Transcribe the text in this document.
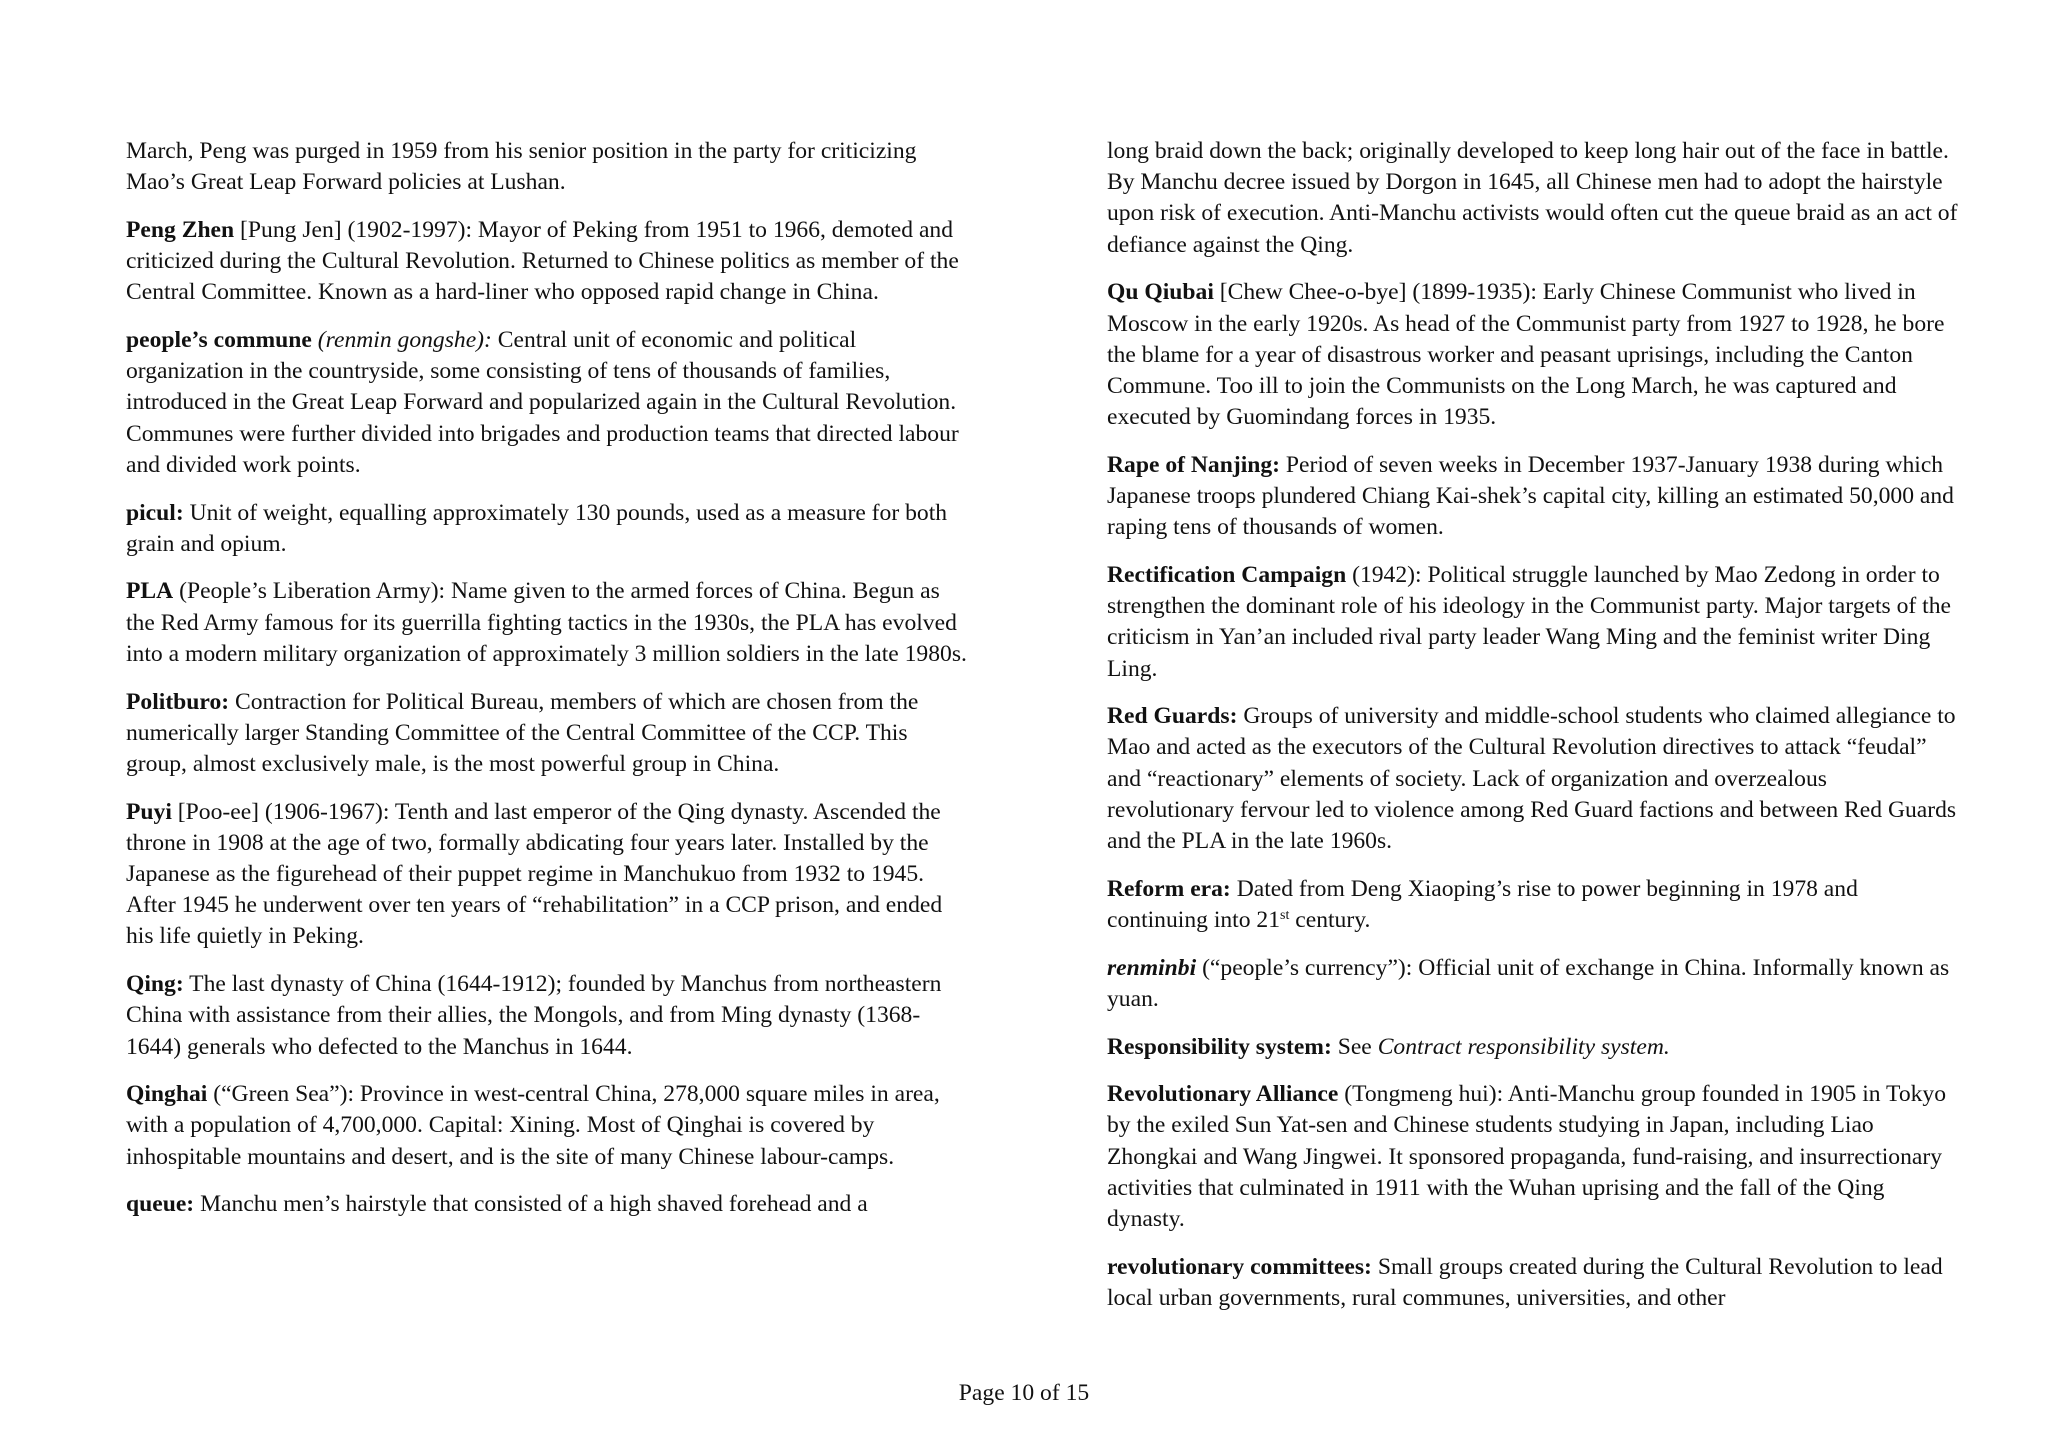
March, Peng was purged in 1959 from his senior position in the party for criticizing Mao’s Great Leap Forward policies at Lushan.

Peng Zhen [Pung Jen] (1902-1997): Mayor of Peking from 1951 to 1966, demoted and criticized during the Cultural Revolution. Returned to Chinese politics as member of the Central Committee. Known as a hard-liner who opposed rapid change in China.

people’s commune (renmin gongshe): Central unit of economic and political organization in the countryside, some consisting of tens of thousands of families, introduced in the Great Leap Forward and popularized again in the Cultural Revolution. Communes were further divided into brigades and production teams that directed labour and divided work points.

picul: Unit of weight, equalling approximately 130 pounds, used as a measure for both grain and opium.

PLA (People’s Liberation Army): Name given to the armed forces of China. Begun as the Red Army famous for its guerrilla fighting tactics in the 1930s, the PLA has evolved into a modern military organization of approximately 3 million soldiers in the late 1980s.

Politburo: Contraction for Political Bureau, members of which are chosen from the numerically larger Standing Committee of the Central Committee of the CCP. This group, almost exclusively male, is the most powerful group in China.

Puyi [Poo-ee] (1906-1967): Tenth and last emperor of the Qing dynasty. Ascended the throne in 1908 at the age of two, formally abdicating four years later. Installed by the Japanese as the figurehead of their puppet regime in Manchukuo from 1932 to 1945. After 1945 he underwent over ten years of “rehabilitation” in a CCP prison, and ended his life quietly in Peking.

Qing: The last dynasty of China (1644-1912); founded by Manchus from northeastern China with assistance from their allies, the Mongols, and from Ming dynasty (1368-1644) generals who defected to the Manchus in 1644.

Qinghai (“Green Sea”): Province in west-central China, 278,000 square miles in area, with a population of 4,700,000. Capital: Xining. Most of Qinghai is covered by inhospitable mountains and desert, and is the site of many Chinese labour-camps.

queue: Manchu men’s hairstyle that consisted of a high shaved forehead and a

long braid down the back; originally developed to keep long hair out of the face in battle. By Manchu decree issued by Dorgon in 1645, all Chinese men had to adopt the hairstyle upon risk of execution. Anti-Manchu activists would often cut the queue braid as an act of defiance against the Qing.

Qu Qiubai [Chew Chee-o-bye] (1899-1935): Early Chinese Communist who lived in Moscow in the early 1920s. As head of the Communist party from 1927 to 1928, he bore the blame for a year of disastrous worker and peasant uprisings, including the Canton Commune. Too ill to join the Communists on the Long March, he was captured and executed by Guomindang forces in 1935.

Rape of Nanjing: Period of seven weeks in December 1937-January 1938 during which Japanese troops plundered Chiang Kai-shek’s capital city, killing an estimated 50,000 and raping tens of thousands of women.

Rectification Campaign (1942): Political struggle launched by Mao Zedong in order to strengthen the dominant role of his ideology in the Communist party. Major targets of the criticism in Yan’an included rival party leader Wang Ming and the feminist writer Ding Ling.

Red Guards: Groups of university and middle-school students who claimed allegiance to Mao and acted as the executors of the Cultural Revolution directives to attack “feudal” and “reactionary” elements of society. Lack of organization and overzealous revolutionary fervour led to violence among Red Guard factions and between Red Guards and the PLA in the late 1960s.

Reform era: Dated from Deng Xiaoping’s rise to power beginning in 1978 and continuing into 21st century.

renminbi (“people’s currency”): Official unit of exchange in China. Informally known as yuan.

Responsibility system: See Contract responsibility system.

Revolutionary Alliance (Tongmeng hui): Anti-Manchu group founded in 1905 in Tokyo by the exiled Sun Yat-sen and Chinese students studying in Japan, including Liao Zhongkai and Wang Jingwei. It sponsored propaganda, fund-raising, and insurrectionary activities that culminated in 1911 with the Wuhan uprising and the fall of the Qing dynasty.

revolutionary committees: Small groups created during the Cultural Revolution to lead local urban governments, rural communes, universities, and other

Page 10 of 15
